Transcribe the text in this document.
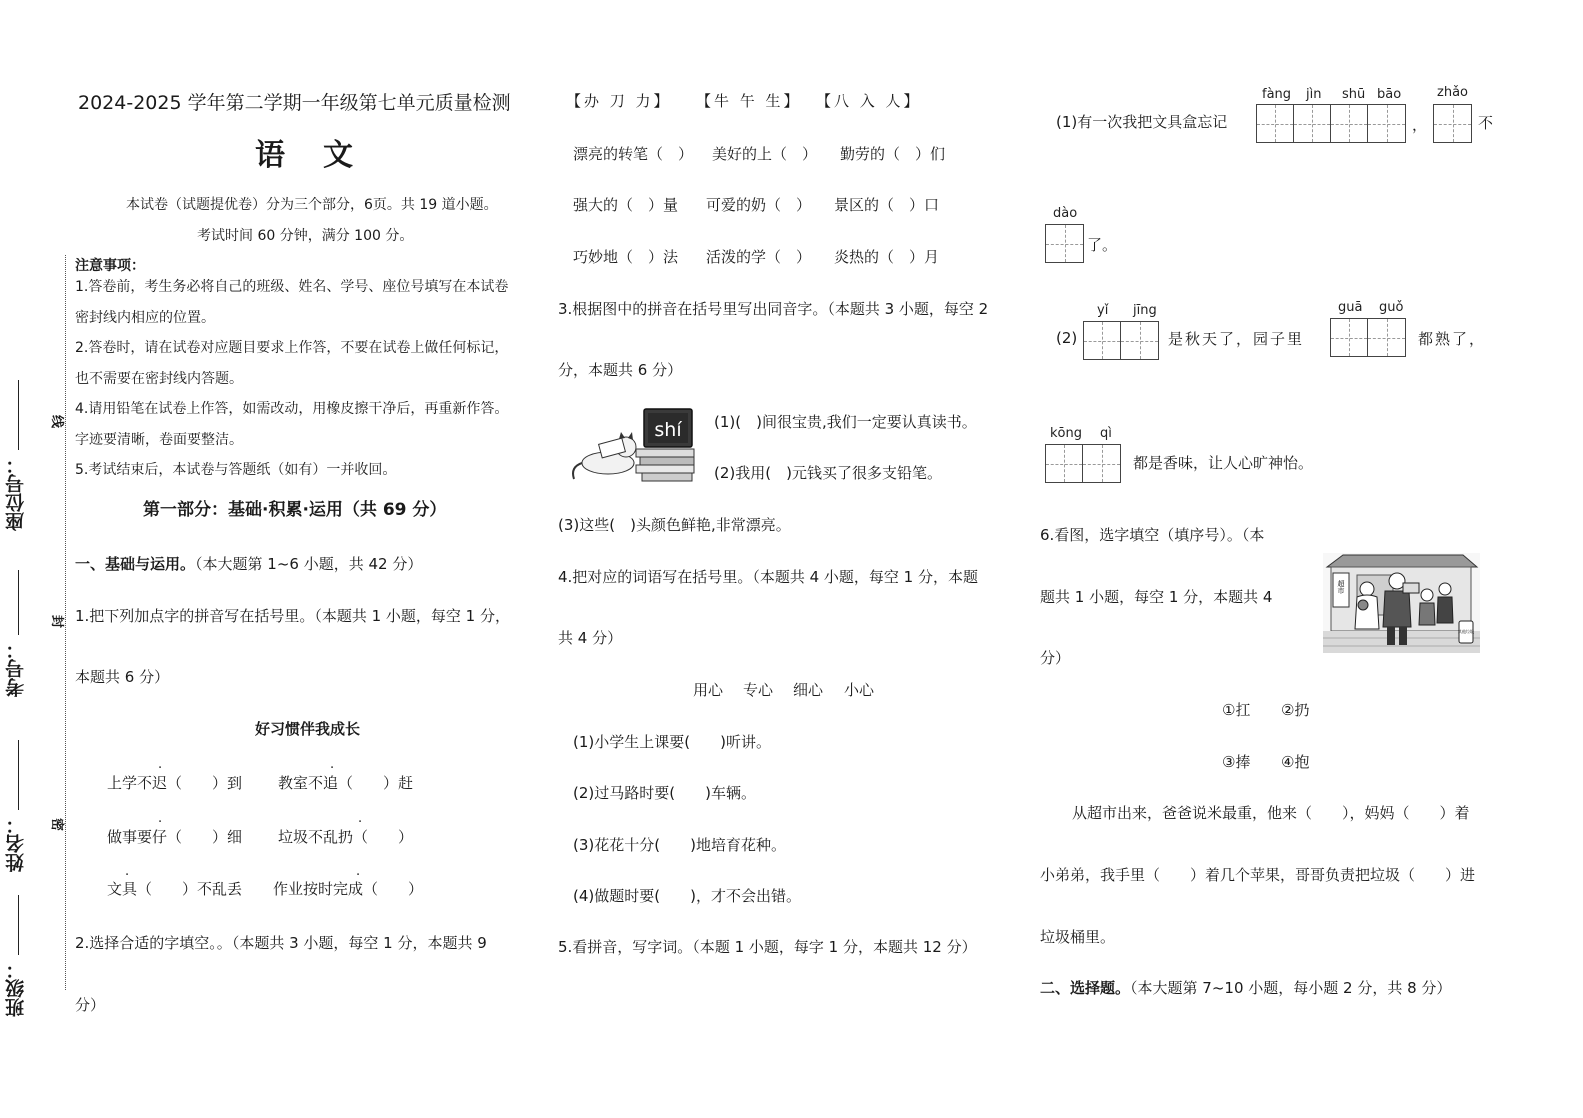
座位号：
考号：
姓名：
班级：
线
封
密
2024-2025 学年第二学期一年级第七单元质量检测
语　文
本试卷（试题提优卷）分为三个部分，6页。共 19 道小题。
考试时间 60 分钟，满分 100 分。
注意事项：
1.答卷前，考生务必将自己的班级、姓名、学号、座位号填写在本试卷
密封线内相应的位置。
2.答卷时，请在试卷对应题目要求上作答，不要在试卷上做任何标记，
也不需要在密封线内答题。
4.请用铅笔在试卷上作答，如需改动，用橡皮擦干净后，再重新作答。
字迹要清晰，卷面要整洁。
5.考试结束后，本试卷与答题纸（如有）一并收回。
第一部分：基础·积累·运用（共 69 分）
一、基础与运用。（本大题第 1~6 小题，共 42 分）
1.把下列加点字的拼音写在括号里。（本题共 1 小题，每空 1 分，
本题共 6 分）
好习惯伴我成长
.	.
上学不迟（　　）到 教室不追（　　）赶
.	.
做事要仔（　　）细 垃圾不乱扔（　　）
.	.
文具（　　）不乱丢 作业按时完成（　　）
2.选择合适的字填空。。（本题共 3 小题，每空 1 分，本题共 9
分）
【办 刀 力】 【牛 午 生】 【八 入 人】
漂亮的转笔（　） 美好的上（　） 勤劳的（　）们
强大的（　）量 可爱的奶（　） 景区的（　）口
巧妙地（　）法 活泼的学（　） 炎热的（　）月
3.根据图中的拼音在括号里写出同音字。（本题共 3 小题，每空 2
分，本题共 6 分）
shí (1)(　)间很宝贵,我们一定要认真读书。
(2)我用(　)元钱买了很多支铅笔。
(3)这些(　)头颜色鲜艳,非常漂亮。
4.把对应的词语写在括号里。（本题共 4 小题，每空 1 分，本题
共 4 分）
用心 专心 细心 小心
(1)小学生上课要(　　)听讲。
(2)过马路时要(　　)车辆。
(3)花花十分(　　)地培育花种。
(4)做题时要(　　)，才不会出错。
5.看拼音，写字词。（本题 1 小题，每字 1 分，本题共 12 分）
(1)有一次我把文具盒忘记
fàng jìn shū bāo
，
zhǎo
不
dào
了。
(2)
yǐ jīng
是秋天了，园子里
guā guǒ
都熟了，
kōng qì
都是香味，让人心旷神怡。
6.看图，选字填空（填序号）。（本
题共 1 小题，每空 1 分，本题共 4
分）
超市
其他垃圾
①扛 ②扔
③捧 ④抱
从超市出来，爸爸说米最重，他来（　　），妈妈（　　）着
小弟弟，我手里（　　）着几个苹果，哥哥负责把垃圾（　　）进
垃圾桶里。
二、选择题。（本大题第 7~10 小题，每小题 2 分，共 8 分）
